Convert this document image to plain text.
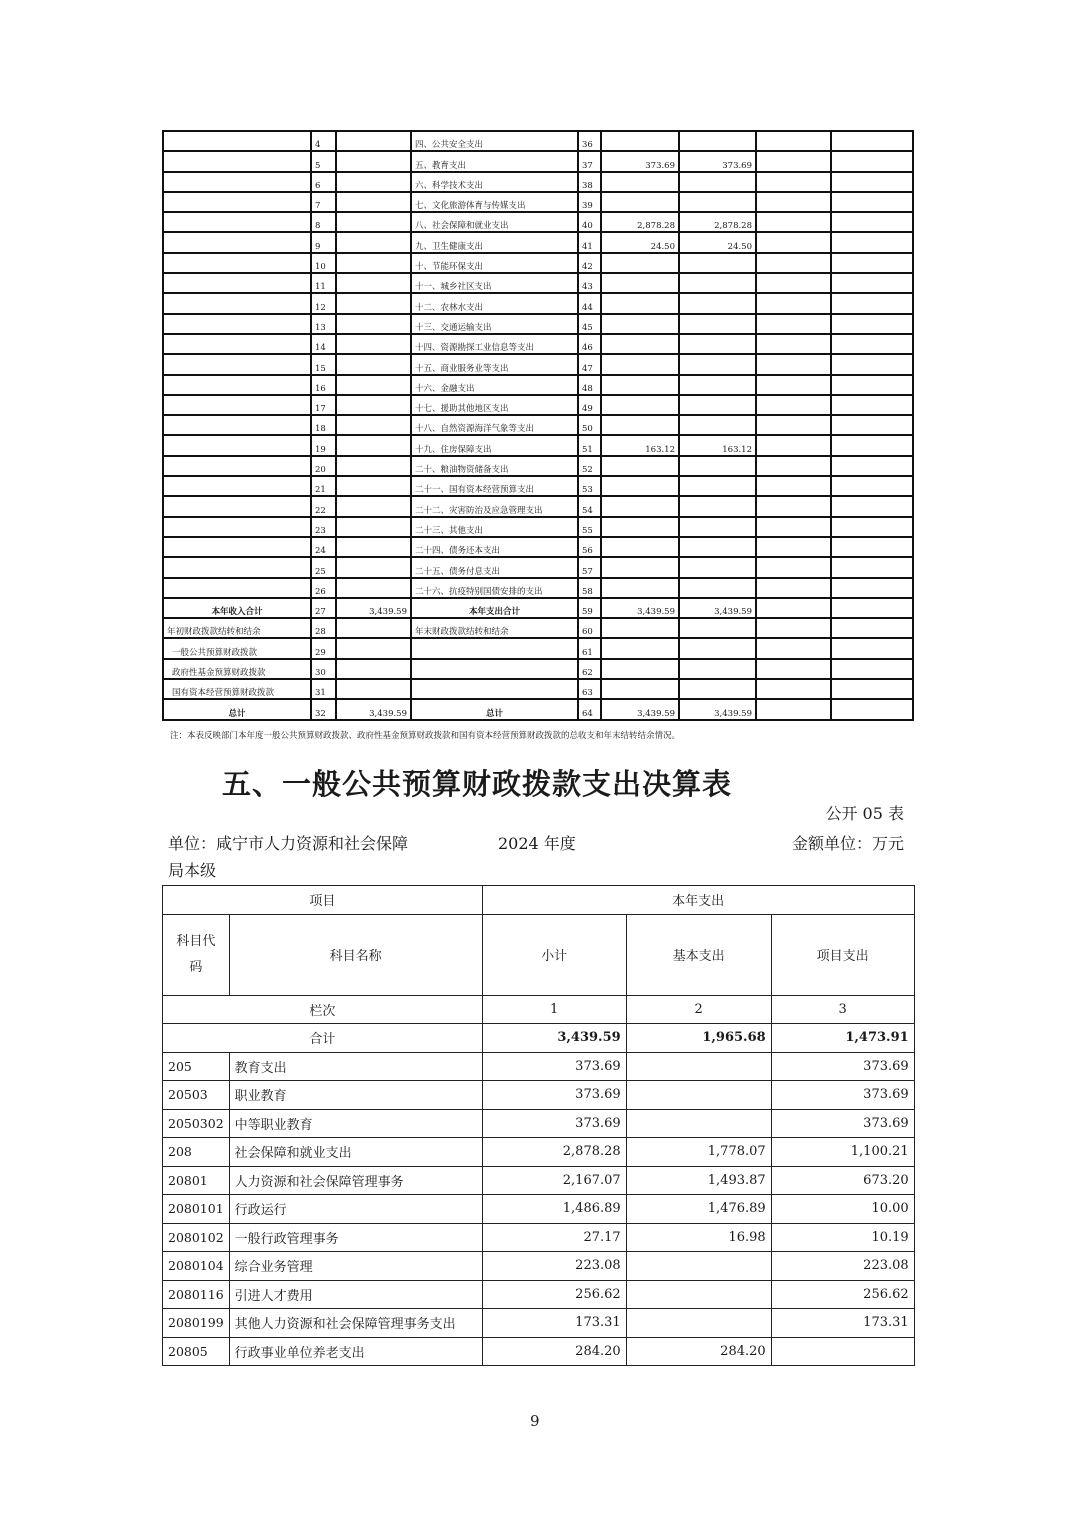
	4		四、公共安全支出	36				
	5		五、教育支出	37	373.69	373.69		
	6		六、科学技术支出	38				
	7		七、文化旅游体育与传媒支出	39				
	8		八、社会保障和就业支出	40	2,878.28	2,878.28		
	9		九、卫生健康支出	41	24.50	24.50		
	10		十、节能环保支出	42				
	11		十一、城乡社区支出	43				
	12		十二、农林水支出	44				
	13		十三、交通运输支出	45				
	14		十四、资源勘探工业信息等支出	46				
	15		十五、商业服务业等支出	47				
	16		十六、金融支出	48				
	17		十七、援助其他地区支出	49				
	18		十八、自然资源海洋气象等支出	50				
	19		十九、住房保障支出	51	163.12	163.12		
	20		二十、粮油物资储备支出	52				
	21		二十一、国有资本经营预算支出	53				
	22		二十二、灾害防治及应急管理支出	54				
	23		二十三、其他支出	55				
	24		二十四、债务还本支出	56				
	25		二十五、债务付息支出	57				
	26		二十六、抗疫特别国债安排的支出	58				
本年收入合计	27	3,439.59	本年支出合计	59	3,439.59	3,439.59		
年初财政拨款结转和结余	28		年末财政拨款结转和结余	60				
一般公共预算财政拨款	29			61				
政府性基金预算财政拨款	30			62				
国有资本经营预算财政拨款	31			63				
总计	32	3,439.59	总计	64	3,439.59	3,439.59		
注：本表反映部门本年度一般公共预算财政拨款、政府性基金预算财政拨款和国有资本经营预算财政拨款的总收支和年末结转结余情况。
五、一般公共预算财政拨款支出决算表
公开 05 表
单位：咸宁市人力资源和社会保障
局本级
2024 年度	金额单位：万元
项目		本年支出		
科目代
码	科目名称	小计	基本支出	项目支出
栏次		1	2	3
合计		3,439.59	1,965.68	1,473.91
205	教育支出	373.69		373.69
20503	职业教育	373.69		373.69
2050302	中等职业教育	373.69		373.69
208	社会保障和就业支出	2,878.28	1,778.07	1,100.21
20801	人力资源和社会保障管理事务	2,167.07	1,493.87	673.20
2080101	行政运行	1,486.89	1,476.89	10.00
2080102	一般行政管理事务	27.17	16.98	10.19
2080104	综合业务管理	223.08		223.08
2080116	引进人才费用	256.62		256.62
2080199	其他人力资源和社会保障管理事务支出	173.31		173.31
20805	行政事业单位养老支出	284.20	284.20	
9
